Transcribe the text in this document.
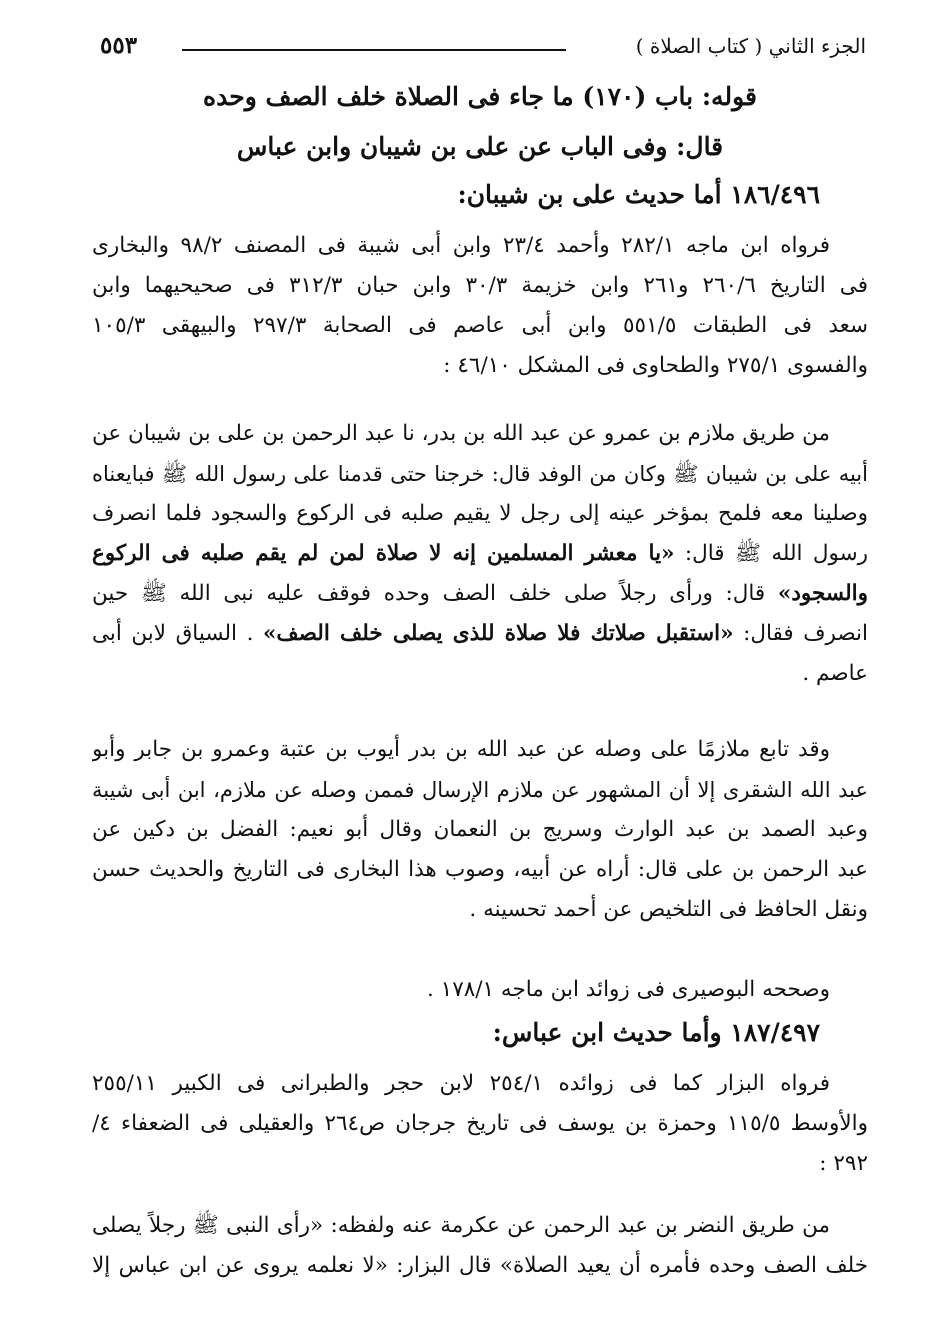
الجزء الثاني ( كتاب الصلاة )
٥٥٣
قوله: باب (١٧٠) ما جاء فى الصلاة خلف الصف وحده
قال: وفى الباب عن على بن شيبان وابن عباس
١٨٦/٤٩٦ أما حديث على بن شيبان:
فرواه ابن ماجه ٢٨٢/١ وأحمد ٢٣/٤ وابن أبى شيبة فى المصنف ٩٨/٢ والبخارى
فى التاريخ ٢٦٠/٦ و٢٦١ وابن خزيمة ٣٠/٣ وابن حبان ٣١٢/٣ فى صحيحيهما وابن
سعد فى الطبقات ٥٥١/٥ وابن أبى عاصم فى الصحابة ٢٩٧/٣ والبيهقى ١٠٥/٣
والفسوى ٢٧٥/١ والطحاوى فى المشكل ٤٦/١٠ :
من طريق ملازم بن عمرو عن عبد الله بن بدر، نا عبد الرحمن بن على بن شيبان عن
أبيه على بن شيبان ﷺ وكان من الوفد قال: خرجنا حتى قدمنا على رسول الله ﷺ فبايعناه
وصلينا معه فلمح بمؤخر عينه إلى رجل لا يقيم صلبه فى الركوع والسجود فلما انصرف
رسول الله ﷺ قال: «يا معشر المسلمين إنه لا صلاة لمن لم يقم صلبه فى الركوع
والسجود» قال: ورأى رجلاً صلى خلف الصف وحده فوقف عليه نبى الله ﷺ حين
انصرف فقال: «استقبل صلاتك فلا صلاة للذى يصلى خلف الصف» . السياق لابن أبى
عاصم .
وقد تابع ملازمًا على وصله عن عبد الله بن بدر أيوب بن عتبة وعمرو بن جابر وأبو
عبد الله الشقرى إلا أن المشهور عن ملازم الإرسال فممن وصله عن ملازم، ابن أبى شيبة
وعبد الصمد بن عبد الوارث وسريج بن النعمان وقال أبو نعيم: الفضل بن دكين عن
عبد الرحمن بن على قال: أراه عن أبيه، وصوب هذا البخارى فى التاريخ والحديث حسن
ونقل الحافظ فى التلخيص عن أحمد تحسينه .
وصححه البوصيرى فى زوائد ابن ماجه ١٧٨/١ .
١٨٧/٤٩٧ وأما حديث ابن عباس:
فرواه البزار كما فى زوائده ٢٥٤/١ لابن حجر والطبرانى فى الكبير ٢٥٥/١١
والأوسط ١١٥/٥ وحمزة بن يوسف فى تاريخ جرجان ص٢٦٤ والعقيلى فى الضعفاء ٤/
٢٩٢ :
من طريق النضر بن عبد الرحمن عن عكرمة عنه ولفظه: «رأى النبى ﷺ رجلاً يصلى
خلف الصف وحده فأمره أن يعيد الصلاة» قال البزار: «لا نعلمه يروى عن ابن عباس إلا
